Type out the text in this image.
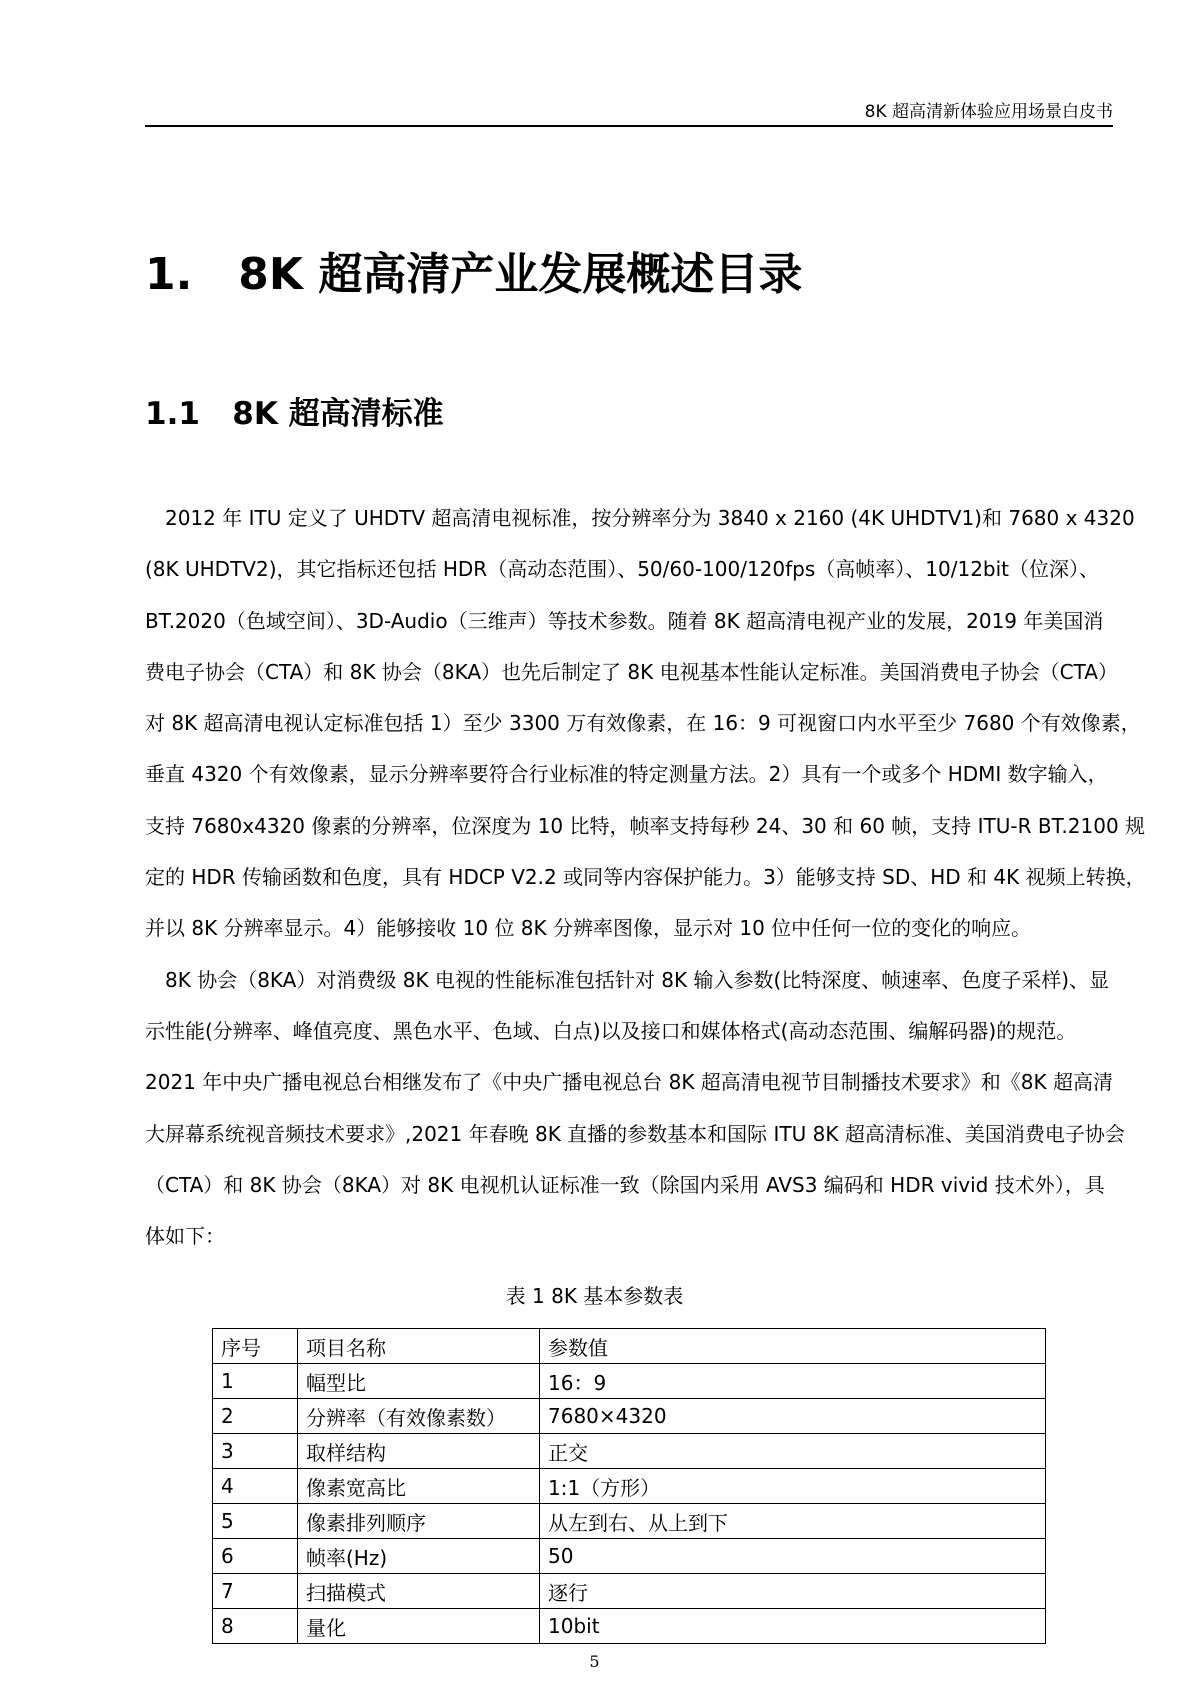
8K 超高清新体验应用场景白皮书
1.   8K 超高清产业发展概述目录
1.1   8K 超高清标准
2012 年 ITU 定义了 UHDTV 超高清电视标准，按分辨率分为 3840 x 2160 (4K UHDTV1)和 7680 x 4320
(8K UHDTV2)，其它指标还包括 HDR（高动态范围）、50/60-100/120fps（高帧率）、10/12bit（位深）、
BT.2020（色域空间）、3D-Audio（三维声）等技术参数。随着 8K 超高清电视产业的发展，2019 年美国消
费电子协会（CTA）和 8K 协会（8KA）也先后制定了 8K 电视基本性能认定标准。美国消费电子协会（CTA）
对 8K 超高清电视认定标准包括 1）至少 3300 万有效像素，在 16：9 可视窗口内水平至少 7680 个有效像素，
垂直 4320 个有效像素，显示分辨率要符合行业标准的特定测量方法。2）具有一个或多个 HDMI 数字输入，
支持 7680x4320 像素的分辨率，位深度为 10 比特，帧率支持每秒 24、30 和 60 帧，支持 ITU-R BT.2100 规
定的 HDR 传输函数和色度，具有 HDCP V2.2 或同等内容保护能力。3）能够支持 SD、HD 和 4K 视频上转换，
并以 8K 分辨率显示。4）能够接收 10 位 8K 分辨率图像，显示对 10 位中任何一位的变化的响应。
8K 协会（8KA）对消费级 8K 电视的性能标准包括针对 8K 输入参数(比特深度、帧速率、色度子采样)、显
示性能(分辨率、峰值亮度、黑色水平、色域、白点)以及接口和媒体格式(高动态范围、编解码器)的规范。
2021 年中央广播电视总台相继发布了《中央广播电视总台 8K 超高清电视节目制播技术要求》和《8K 超高清
大屏幕系统视音频技术要求》,2021 年春晚 8K 直播的参数基本和国际 ITU 8K 超高清标准、美国消费电子协会
（CTA）和 8K 协会（8KA）对 8K 电视机认证标准一致（除国内采用 AVS3 编码和 HDR vivid 技术外），具
体如下：
表 1 8K 基本参数表
序号	项目名称	参数值
1	幅型比	16：9
2	分辨率（有效像素数）	7680×4320
3	取样结构	正交
4	像素宽高比	1:1（方形）
5	像素排列顺序	从左到右、从上到下
6	帧率(Hz)	50
7	扫描模式	逐行
8	量化	10bit
5
